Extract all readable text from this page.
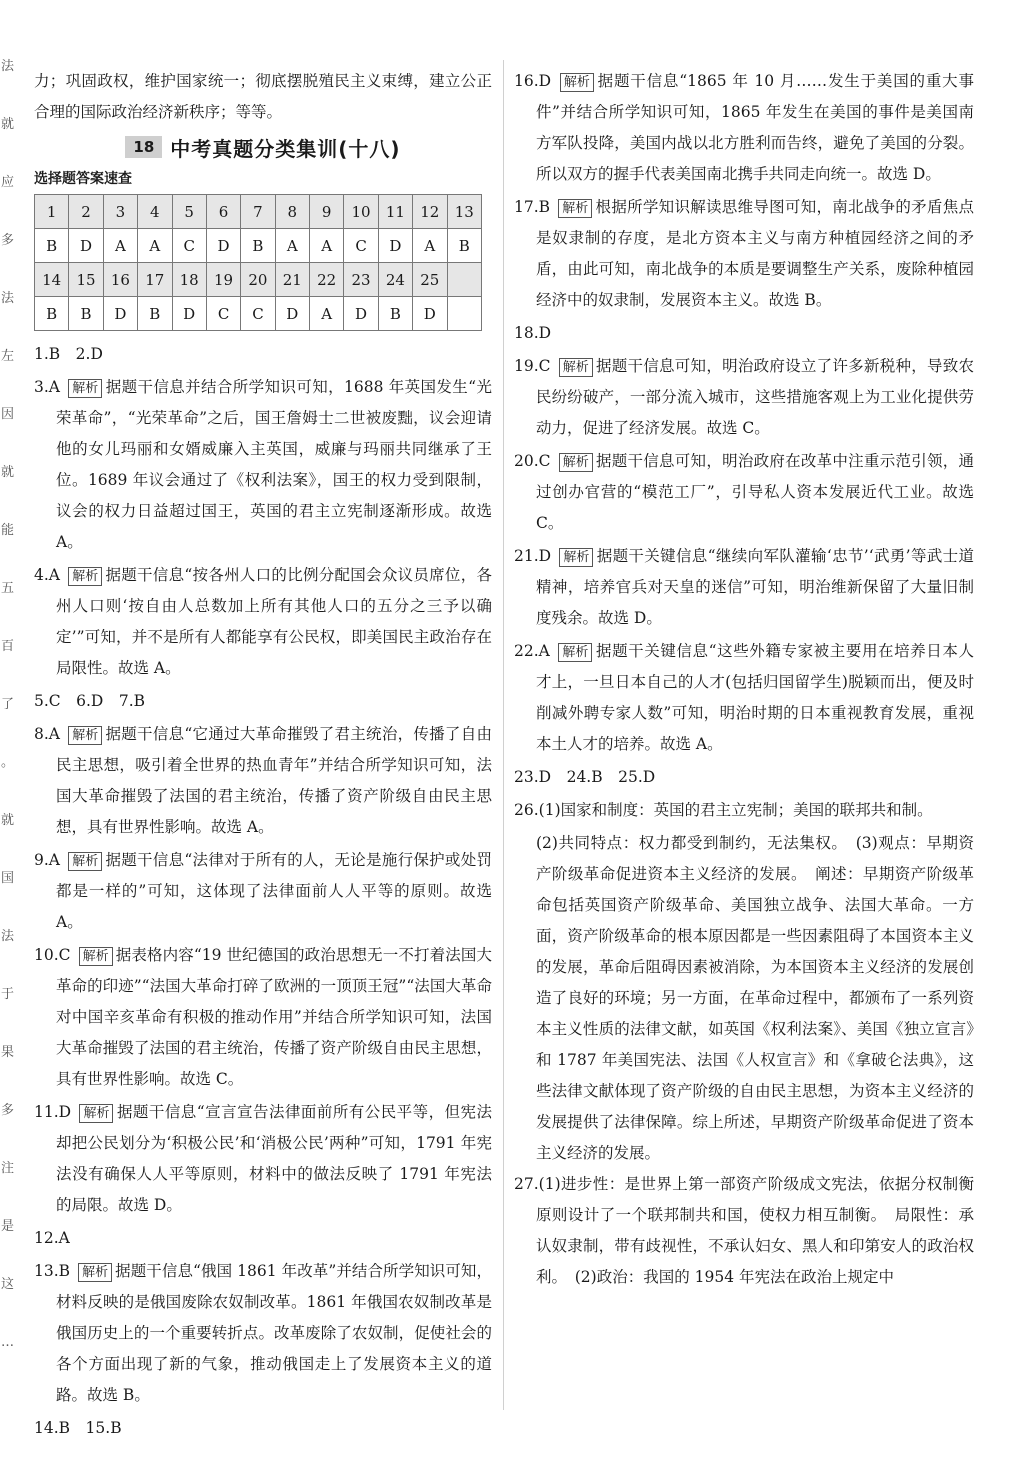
法
就
应
多
法
左
因
就
能
五
百
了
。
就
国
法
于
果
多
注
是
这
…
力；巩固政权，维护国家统一；彻底摆脱殖民主义束缚，建立公正合理的国际政治经济新秩序；等等。
18 中考真题分类集训(十八)
选择题答案速查
1	2	3	4	5	6	7	8	9	10	11	12	13
B	D	A	A	C	D	B	A	A	C	D	A	B
14	15	16	17	18	19	20	21	22	23	24	25	
B	B	D	B	D	C	C	D	A	D	B	D	
1.B　2.D
3.A 解析 据题干信息并结合所学知识可知，1688 年英国发生“光荣革命”，“光荣革命”之后，国王詹姆士二世被废黜，议会迎请他的女儿玛丽和女婿威廉入主英国，威廉与玛丽共同继承了王位。1689 年议会通过了《权利法案》，国王的权力受到限制，议会的权力日益超过国王，英国的君主立宪制逐渐形成。故选 A。
4.A 解析 据题干信息“按各州人口的比例分配国会众议员席位，各州人口则‘按自由人总数加上所有其他人口的五分之三予以确定’”可知，并不是所有人都能享有公民权，即美国民主政治存在局限性。故选 A。
5.C　6.D　7.B
8.A 解析 据题干信息“它通过大革命摧毁了君主统治，传播了自由民主思想，吸引着全世界的热血青年”并结合所学知识可知，法国大革命摧毁了法国的君主统治，传播了资产阶级自由民主思想，具有世界性影响。故选 A。
9.A 解析 据题干信息“法律对于所有的人，无论是施行保护或处罚都是一样的”可知，这体现了法律面前人人平等的原则。故选 A。
10.C 解析 据表格内容“19 世纪德国的政治思想无一不打着法国大革命的印迹”“法国大革命打碎了欧洲的一顶顶王冠”“法国大革命对中国辛亥革命有积极的推动作用”并结合所学知识可知，法国大革命摧毁了法国的君主统治，传播了资产阶级自由民主思想，具有世界性影响。故选 C。
11.D 解析 据题干信息“宣言宣告法律面前所有公民平等，但宪法却把公民划分为‘积极公民’和‘消极公民’两种”可知，1791 年宪法没有确保人人平等原则，材料中的做法反映了 1791 年宪法的局限。故选 D。
12.A
13.B 解析 据题干信息“俄国 1861 年改革”并结合所学知识可知，材料反映的是俄国废除农奴制改革。1861 年俄国农奴制改革是俄国历史上的一个重要转折点。改革废除了农奴制，促使社会的各个方面出现了新的气象，推动俄国走上了发展资本主义的道路。故选 B。
14.B　15.B
16.D 解析 据题干信息“1865 年 10 月……发生于美国的重大事件”并结合所学知识可知，1865 年发生在美国的事件是美国南方军队投降，美国内战以北方胜利而告终，避免了美国的分裂。所以双方的握手代表美国南北携手共同走向统一。故选 D。
17.B 解析 根据所学知识解读思维导图可知，南北战争的矛盾焦点是奴隶制的存度，是北方资本主义与南方种植园经济之间的矛盾，由此可知，南北战争的本质是要调整生产关系，废除种植园经济中的奴隶制，发展资本主义。故选 B。
18.D
19.C 解析 据题干信息可知，明治政府设立了许多新税种，导致农民纷纷破产，一部分流入城市，这些措施客观上为工业化提供劳动力，促进了经济发展。故选 C。
20.C 解析 据题干信息可知，明治政府在改革中注重示范引领，通过创办官营的“模范工厂”，引导私人资本发展近代工业。故选 C。
21.D 解析 据题干关键信息“继续向军队灌输‘忠节’‘武勇’等武士道精神，培养官兵对天皇的迷信”可知，明治维新保留了大量旧制度残余。故选 D。
22.A 解析 据题干关键信息“这些外籍专家被主要用在培养日本人才上，一旦日本自己的人才(包括归国留学生)脱颖而出，便及时削减外聘专家人数”可知，明治时期的日本重视教育发展，重视本土人才的培养。故选 A。
23.D　24.B　25.D
26.(1)国家和制度：英国的君主立宪制；美国的联邦共和制。
(2)共同特点：权力都受到制约，无法集权。　(3)观点：早期资产阶级革命促进资本主义经济的发展。　阐述：早期资产阶级革命包括英国资产阶级革命、美国独立战争、法国大革命。一方面，资产阶级革命的根本原因都是一些因素阻碍了本国资本主义的发展，革命后阻碍因素被消除，为本国资本主义经济的发展创造了良好的环境；另一方面，在革命过程中，都颁布了一系列资本主义性质的法律文献，如英国《权利法案》、美国《独立宣言》和 1787 年美国宪法、法国《人权宣言》和《拿破仑法典》，这些法律文献体现了资产阶级的自由民主思想，为资本主义经济的发展提供了法律保障。综上所述，早期资产阶级革命促进了资本主义经济的发展。
27.(1)进步性：是世界上第一部资产阶级成文宪法，依据分权制衡原则设计了一个联邦制共和国，使权力相互制衡。　局限性：承认奴隶制，带有歧视性，不承认妇女、黑人和印第安人的政治权利。　(2)政治：我国的 1954 年宪法在政治上规定中
